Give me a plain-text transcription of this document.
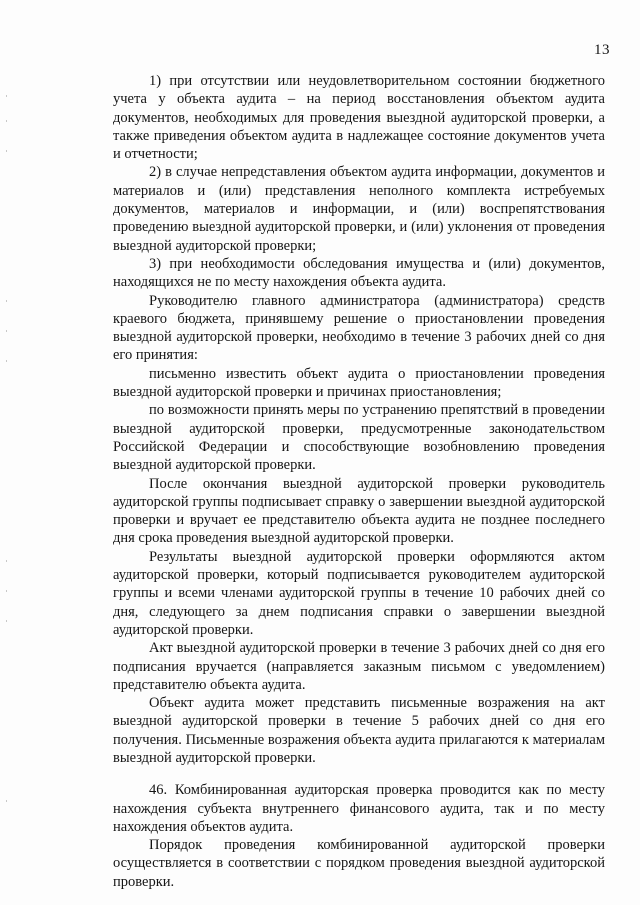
13

1) при отсутствии или неудовлетворительном состоянии бюджетного учета у объекта аудита – на период восстановления объектом аудита документов, необходимых для проведения выездной аудиторской проверки, а также приведения объектом аудита в надлежащее состояние документов учета и отчетности;

2) в случае непредставления объектом аудита информации, документов и материалов и (или) представления неполного комплекта истребуемых документов, материалов и информации, и (или) воспрепятствования проведению выездной аудиторской проверки, и (или) уклонения от проведения выездной аудиторской проверки;

3) при необходимости обследования имущества и (или) документов, находящихся не по месту нахождения объекта аудита.

Руководителю главного администратора (администратора) средств краевого бюджета, принявшему решение о приостановлении проведения выездной аудиторской проверки, необходимо в течение 3 рабочих дней со дня его принятия:

письменно известить объект аудита о приостановлении проведения выездной аудиторской проверки и причинах приостановления;

по возможности принять меры по устранению препятствий в проведении выездной аудиторской проверки, предусмотренные законодательством Российской Федерации и способствующие возобновлению проведения выездной аудиторской проверки.

После окончания выездной аудиторской проверки руководитель аудиторской группы подписывает справку о завершении выездной аудиторской проверки и вручает ее представителю объекта аудита не позднее последнего дня срока проведения выездной аудиторской проверки.

Результаты выездной аудиторской проверки оформляются актом аудиторской проверки, который подписывается руководителем аудиторской группы и всеми членами аудиторской группы в течение 10 рабочих дней со дня, следующего за днем подписания справки о завершении выездной аудиторской проверки.

Акт выездной аудиторской проверки в течение 3 рабочих дней со дня его подписания вручается (направляется заказным письмом с уведомлением) представителю объекта аудита.

Объект аудита может представить письменные возражения на акт выездной аудиторской проверки в течение 5 рабочих дней со дня его получения. Письменные возражения объекта аудита прилагаются к материалам выездной аудиторской проверки.

46. Комбинированная аудиторская проверка проводится как по месту нахождения субъекта внутреннего финансового аудита, так и по месту нахождения объектов аудита.

Порядок проведения комбинированной аудиторской проверки осуществляется в соответствии с порядком проведения выездной аудиторской проверки.
